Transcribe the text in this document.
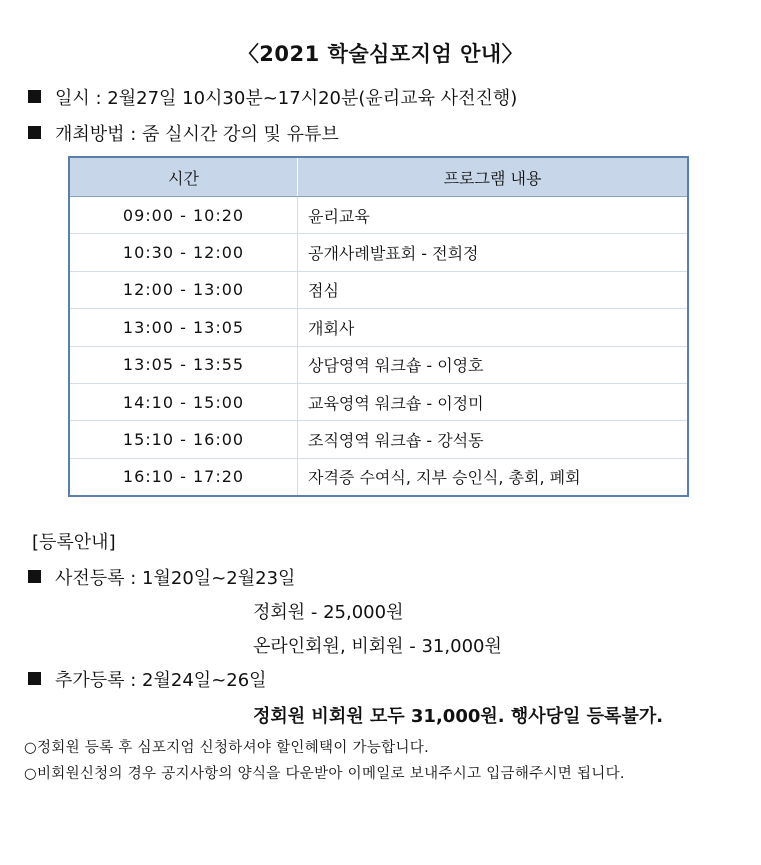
〈2021 학술심포지엄 안내〉
일시 : 2월27일 10시30분~17시20분(윤리교육 사전진행)
개최방법 : 줌 실시간 강의 및 유튜브
시간	프로그램 내용
09:00 - 10:20	윤리교육
10:30 - 12:00	공개사례발표회 - 전희정
12:00 - 13:00	점심
13:00 - 13:05	개회사
13:05 - 13:55	상담영역 워크숍 - 이영호
14:10 - 15:00	교육영역 워크숍 - 이정미
15:10 - 16:00	조직영역 워크숍 - 강석동
16:10 - 17:20	자격증 수여식, 지부 승인식, 총회, 폐회
[등록안내]
사전등록 : 1월20일~2월23일
정회원 - 25,000원
온라인회원, 비회원 - 31,000원
추가등록 : 2월24일~26일
정회원 비회원 모두 31,000원. 행사당일 등록불가.
○정회원 등록 후 심포지엄 신청하셔야 할인혜택이 가능합니다.
○비회원신청의 경우 공지사항의 양식을 다운받아 이메일로 보내주시고 입금해주시면 됩니다.
